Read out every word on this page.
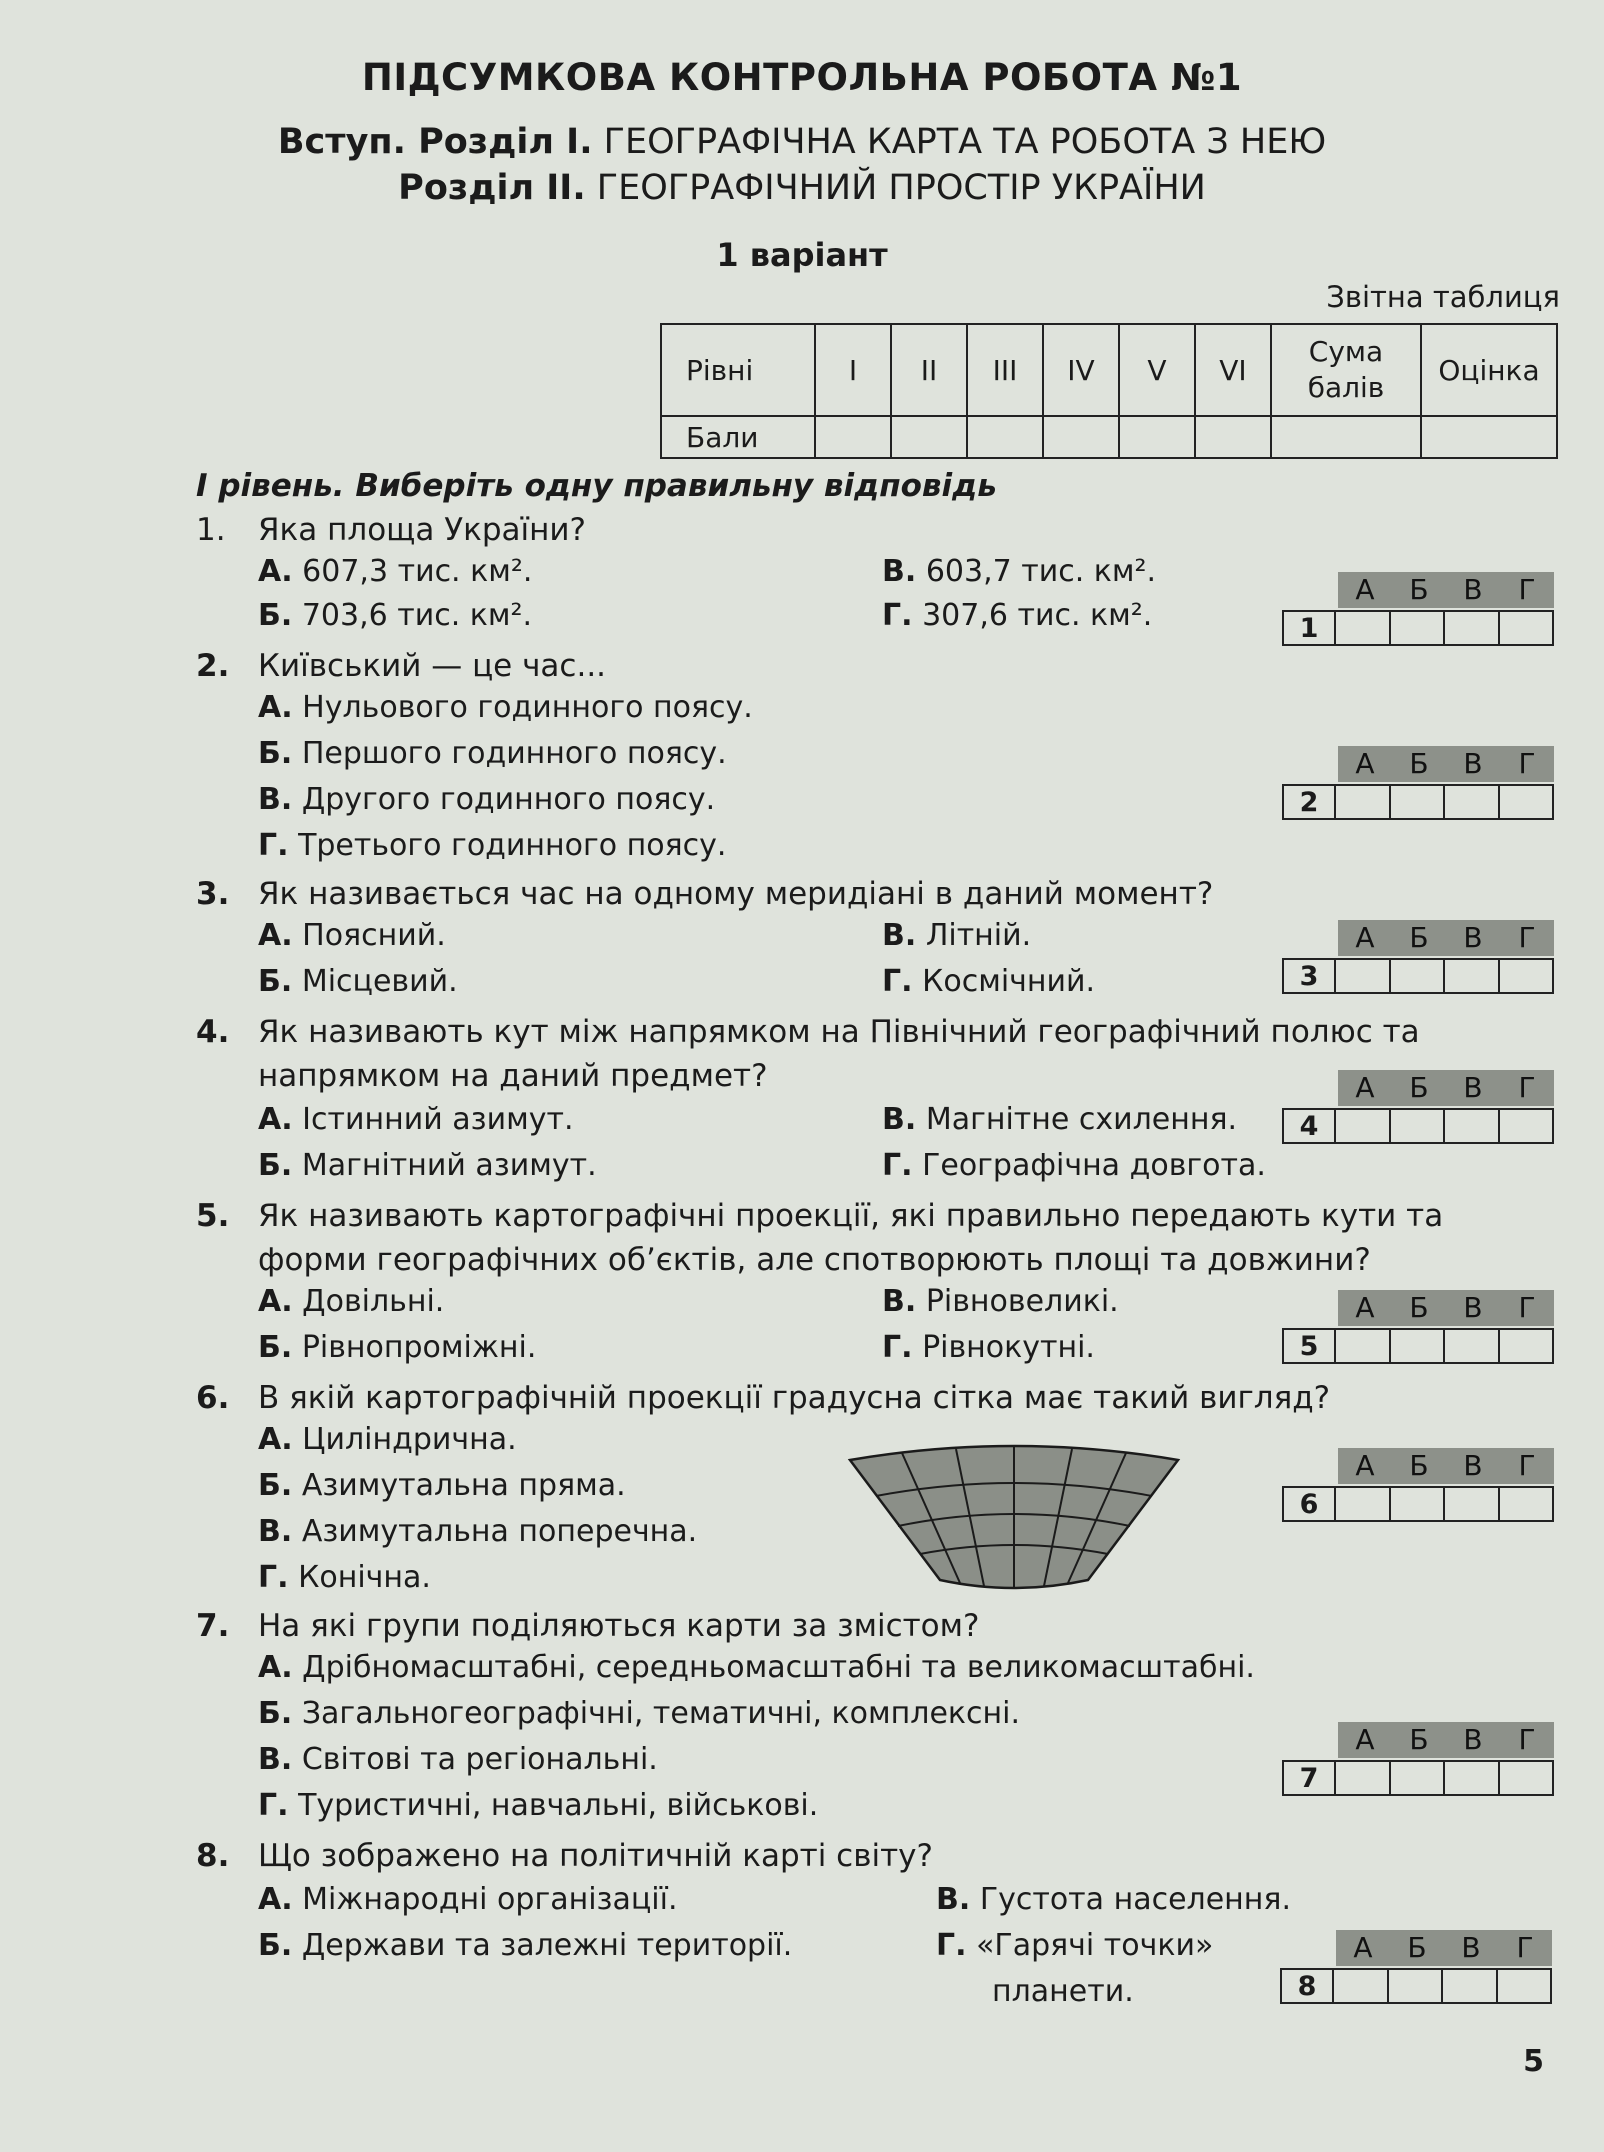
ПІДСУМКОВА КОНТРОЛЬНА РОБОТА №1
Вступ. Розділ І. ГЕОГРАФІЧНА КАРТА ТА РОБОТА З НЕЮ
Розділ ІІ. ГЕОГРАФІЧНИЙ ПРОСТІР УКРАЇНИ
1 варіант
Звітна таблиця
Рівні	I	II	III	IV	V	VI	Сума балів	Оцінка
Бали								
І рівень. Виберіть одну правильну відповідь
1. Яка площа України?
А. 607,3 тис. км².
Б. 703,6 тис. км².
В. 603,7 тис. км².
Г. 307,6 тис. км².
А	Б	В	Г
1
2. Київський — це час...
А. Нульового годинного поясу.
Б. Першого годинного поясу.
В. Другого годинного поясу.
Г. Третього годинного поясу.
А	Б	В	Г
2
3. Як називається час на одному меридіані в даний момент?
А. Поясний.
Б. Місцевий.
В. Літній.
Г. Космічний.
А	Б	В	Г
3
4. Як називають кут між напрямком на Північний географічний полюс та
напрямком на даний предмет?
А. Істинний азимут.
Б. Магнітний азимут.
В. Магнітне схилення.
Г. Географічна довгота.
А	Б	В	Г
4
5. Як називають картографічні проекції, які правильно передають кути та
форми географічних об’єктів, але спотворюють площі та довжини?
А. Довільні.
Б. Рівнопроміжні.
В. Рівновеликі.
Г. Рівнокутні.
А	Б	В	Г
5
6. В якій картографічній проекції градусна сітка має такий вигляд?
А. Циліндрична.
Б. Азимутальна пряма.
В. Азимутальна поперечна.
Г. Конічна.
А	Б	В	Г
6
7. На які групи поділяються карти за змістом?
А. Дрібномасштабні, середньомасштабні та великомасштабні.
Б. Загальногеографічні, тематичні, комплексні.
В. Світові та регіональні.
Г. Туристичні, навчальні, військові.
А	Б	В	Г
7
8. Що зображено на політичній карті світу?
А. Міжнародні організації.
Б. Держави та залежні території.
В. Густота населення.
Г. «Гарячі точки»
планети.
А	Б	В	Г
8
5
